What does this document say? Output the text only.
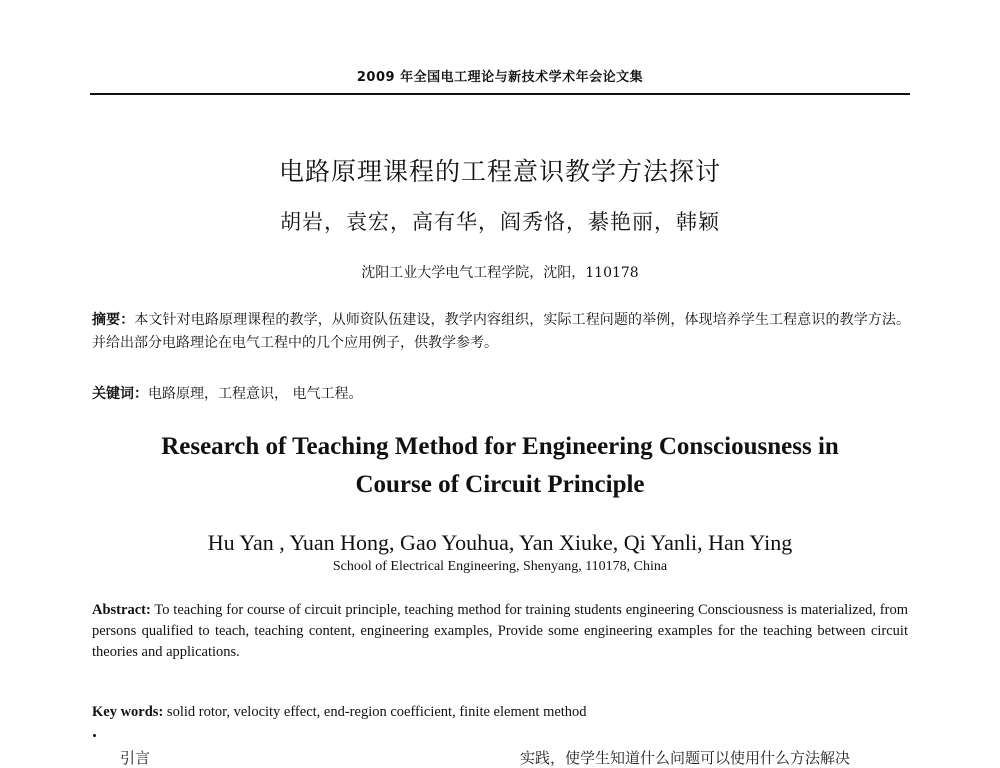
2009 年全国电工理论与新技术学术年会论文集
电路原理课程的工程意识教学方法探讨
胡岩，袁宏，高有华，阎秀恪，綦艳丽，韩颖
沈阳工业大学电气工程学院，沈阳，110178
摘要：本文针对电路原理课程的教学，从师资队伍建设，教学内容组织，实际工程问题的举例，体现培养学生工程意识的教学方法。并给出部分电路理论在电气工程中的几个应用例子，供教学参考。
关键词：电路原理，工程意识， 电气工程。
Research of Teaching Method for Engineering Consciousness in
Course of Circuit Principle
Hu Yan , Yuan Hong, Gao Youhua, Yan Xiuke, Qi Yanli, Han Ying
School of Electrical Engineering, Shenyang, 110178, China
Abstract: To teaching for course of circuit principle, teaching method for training students engineering Consciousness is materialized, from persons qualified to teach, teaching content, engineering examples, Provide some engineering examples for the teaching between circuit theories and applications.
Key words: solid rotor, velocity effect, end-region coefficient, finite element method
引言	实践，使学生知道什么问题可以使用什么方法解决
